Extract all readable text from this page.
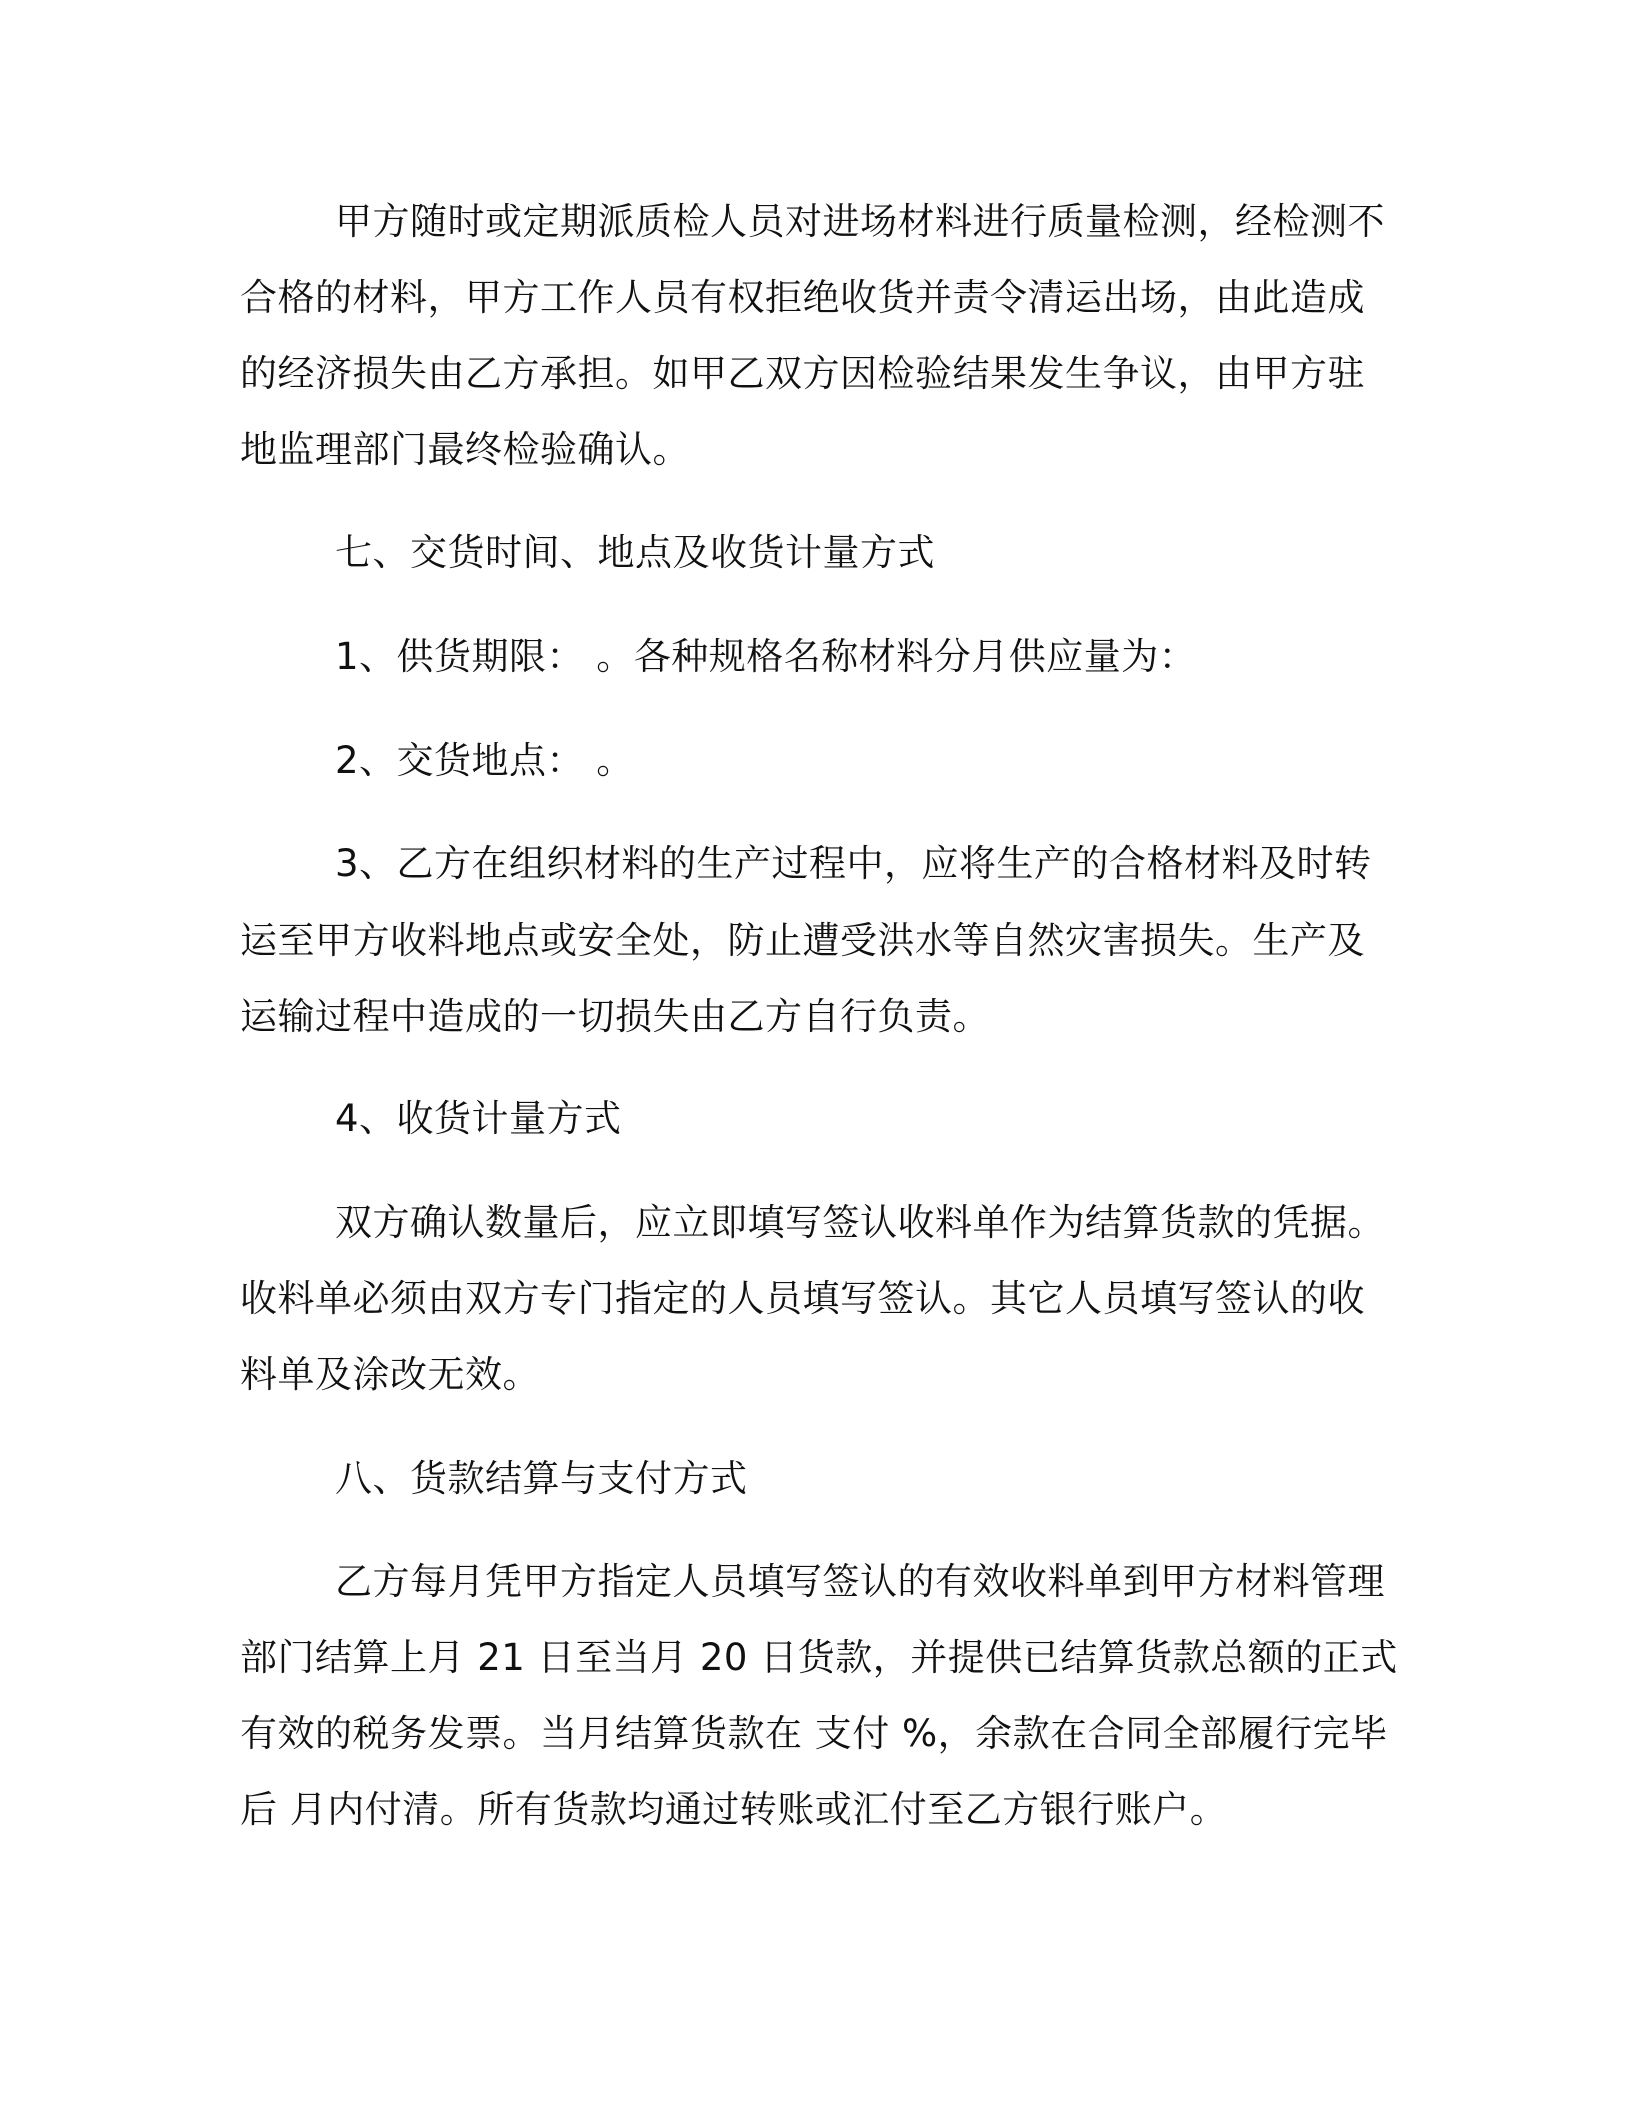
甲方随时或定期派质检人员对进场材料进行质量检测，经检测不
合格的材料，甲方工作人员有权拒绝收货并责令清运出场，由此造成
的经济损失由乙方承担。如甲乙双方因检验结果发生争议，由甲方驻
地监理部门最终检验确认。
七、交货时间、地点及收货计量方式
1、供货期限： 。各种规格名称材料分月供应量为：
2、交货地点： 。
3、乙方在组织材料的生产过程中，应将生产的合格材料及时转
运至甲方收料地点或安全处，防止遭受洪水等自然灾害损失。生产及
运输过程中造成的一切损失由乙方自行负责。
4、收货计量方式
双方确认数量后，应立即填写签认收料单作为结算货款的凭据。
收料单必须由双方专门指定的人员填写签认。其它人员填写签认的收
料单及涂改无效。
八、货款结算与支付方式
乙方每月凭甲方指定人员填写签认的有效收料单到甲方材料管理
部门结算上月 21 日至当月 20 日货款，并提供已结算货款总额的正式
有效的税务发票。当月结算货款在 支付 %，余款在合同全部履行完毕
后 月内付清。所有货款均通过转账或汇付至乙方银行账户。
